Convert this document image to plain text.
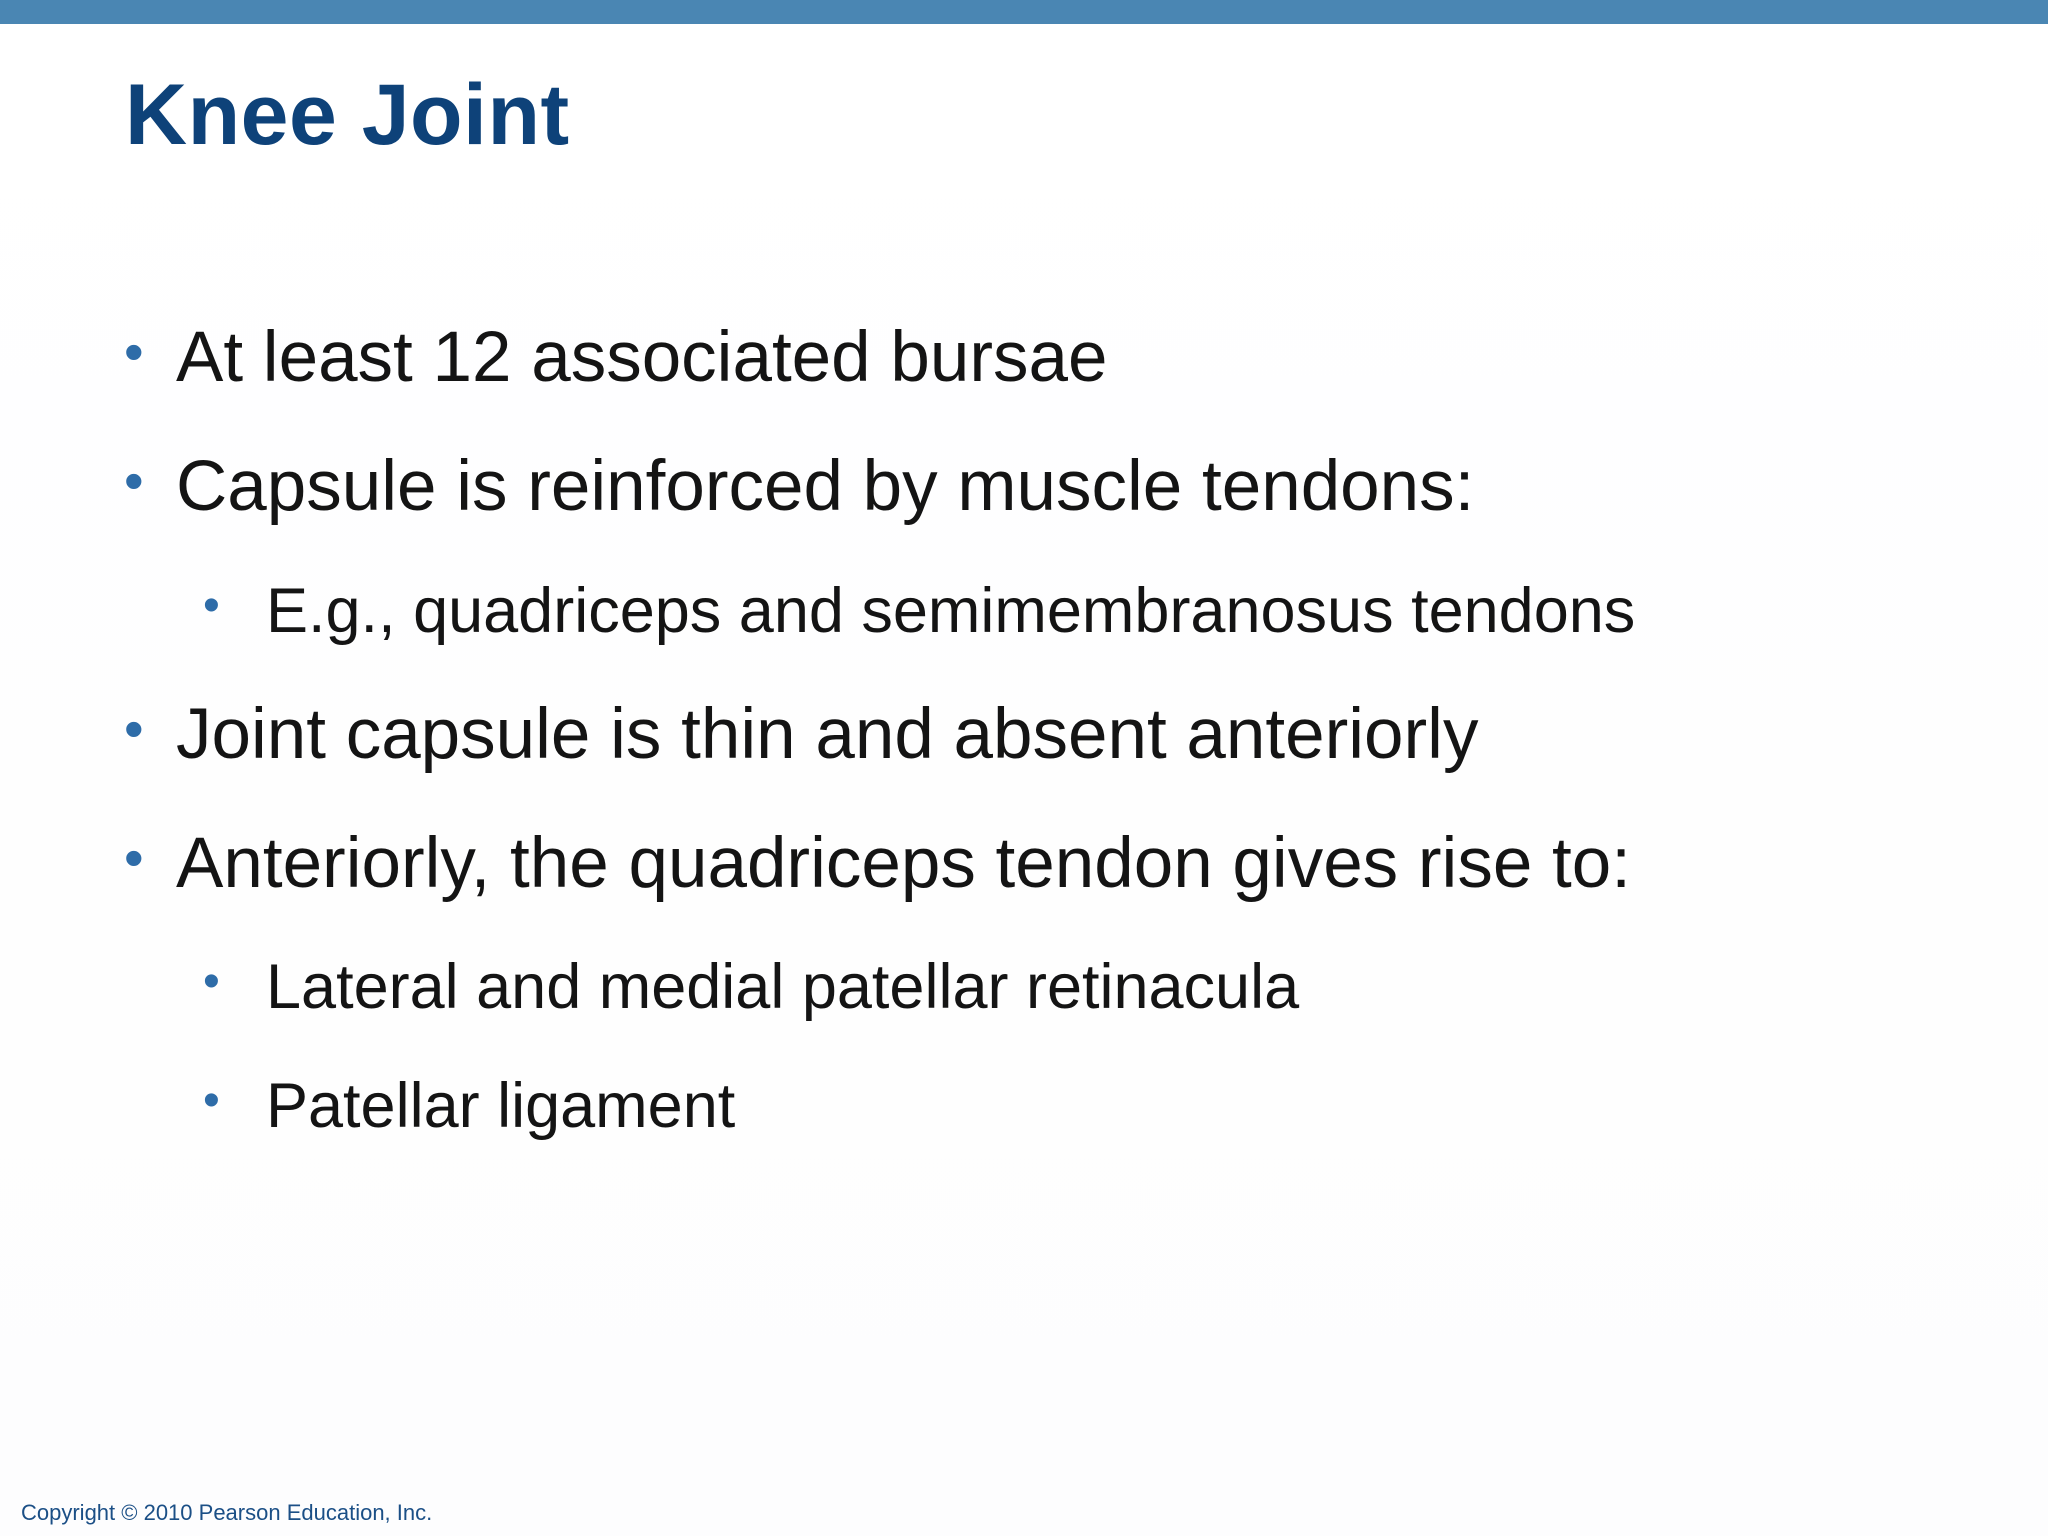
Knee Joint
• At least 12 associated bursae
• Capsule is reinforced by muscle tendons:
• E.g., quadriceps and semimembranosus tendons
• Joint capsule is thin and absent anteriorly
• Anteriorly, the quadriceps tendon gives rise to:
• Lateral and medial patellar retinacula
• Patellar ligament
Copyright © 2010 Pearson Education, Inc.
